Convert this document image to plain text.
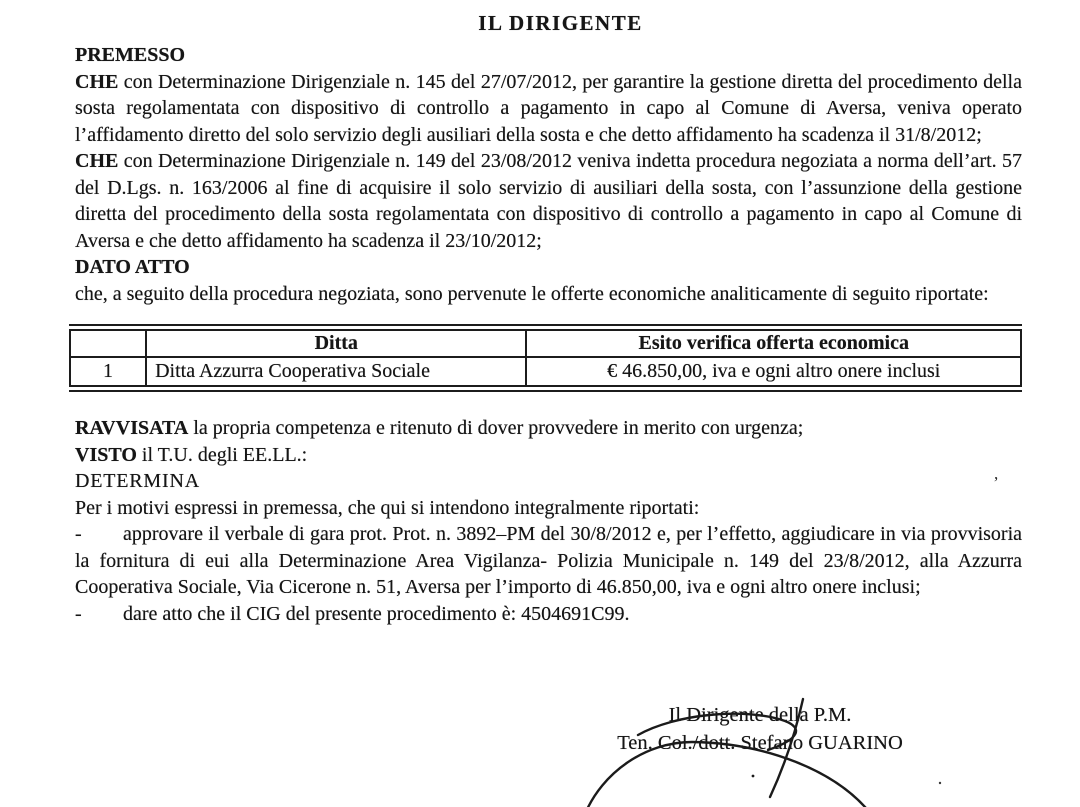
IL DIRIGENTE

PREMESSO

CHE con Determinazione Dirigenziale n. 145 del 27/07/2012, per garantire la gestione diretta del procedimento della sosta regolamentata con dispositivo di controllo a pagamento in capo al Comune di Aversa, veniva operato l’affidamento diretto del solo servizio degli ausiliari della sosta e che detto affidamento ha scadenza il 31/8/2012;

CHE con Determinazione Dirigenziale n. 149 del 23/08/2012 veniva indetta procedura negoziata a norma dell’art. 57 del D.Lgs. n. 163/2006 al fine di acquisire il solo servizio di ausiliari della sosta, con l’assunzione della gestione diretta del procedimento della sosta regolamentata con dispositivo di controllo a pagamento in capo al Comune di Aversa e che detto affidamento ha scadenza il 23/10/2012;

DATO ATTO

che, a seguito della procedura negoziata, sono pervenute le offerte economiche analiticamente di seguito riportate:

	Ditta	Esito verifica offerta economica
1	Ditta Azzurra Cooperativa Sociale	€ 46.850,00, iva e ogni altro onere inclusi

RAVVISATA la propria competenza e ritenuto di dover provvedere in merito con urgenza;

VISTO il T.U. degli EE.LL.:

DETERMINA

Per i motivi espressi in premessa, che qui si intendono integralmente riportati:

- approvare il verbale di gara prot. Prot. n. 3892–PM del 30/8/2012 e, per l’effetto, aggiudicare in via provvisoria la fornitura di eui alla Determinazione Area Vigilanza- Polizia Municipale n. 149 del 23/8/2012, alla Azzurra Cooperativa Sociale, Via Cicerone n. 51, Aversa per l’importo di 46.850,00, iva e ogni altro onere inclusi;

- dare atto che il CIG del presente procedimento è: 4504691C99.

Il Dirigente della P.M.
Ten. Col./dott. Stefano GUARINO
,
